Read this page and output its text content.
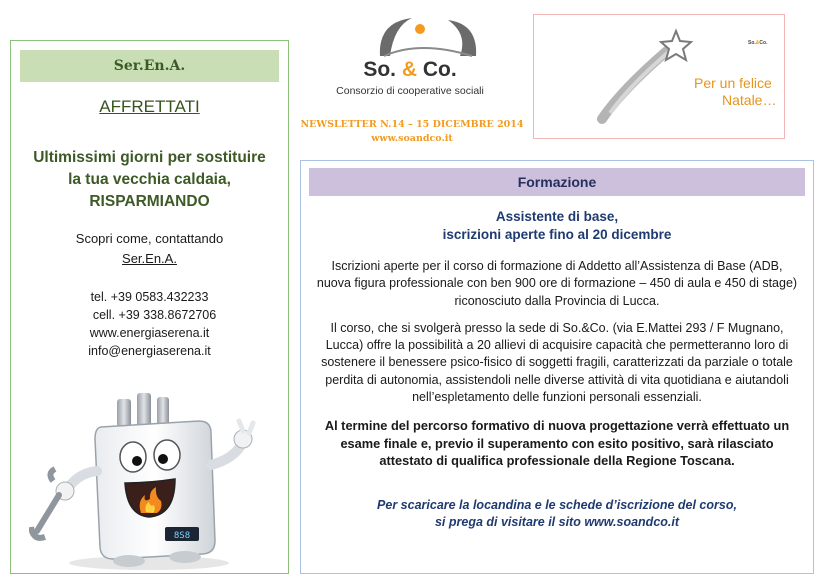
Ser.En.A.
AFFRETTATI
Ultimissimi giorni per sostituire
la tua vecchia caldaia,
RISPARMIANDO
Scopri come, contattando
Ser.En.A.
tel. +39 0583.432233
cell. +39 338.8672706
www.energiaserena.it
info@energiaserena.it
8S8
So. & Co.
Consorzio di cooperative sociali
NEWSLETTER N.14 – 15 DICEMBRE 2014
www.soandco.it
So.&Co.
Per un felice
Natale…
Formazione
Assistente di base,
iscrizioni aperte fino al 20 dicembre
Iscrizioni aperte per il corso di formazione di Addetto all’Assistenza di Base (ADB, nuova figura professionale con ben 900 ore di formazione – 450 di aula e 450 di stage) riconosciuto dalla Provincia di Lucca.
Il corso, che si svolgerà presso la sede di So.&Co. (via E.Mattei 293 / F Mugnano, Lucca) offre la possibilità a 20 allievi di acquisire capacità che permetteranno loro di sostenere il benessere psico-fisico di soggetti fragili, caratterizzati da parziale o totale perdita di autonomia, assistendoli nelle diverse attività di vita quotidiana e aiutandoli nell’espletamento delle funzioni personali essenziali.
Al termine del percorso formativo di nuova progettazione verrà effettuato un esame finale e, previo il superamento con esito positivo, sarà rilasciato attestato di qualifica professionale della Regione Toscana.
Per scaricare la locandina e le schede d’iscrizione del corso,
si prega di visitare il sito www.soandco.it
